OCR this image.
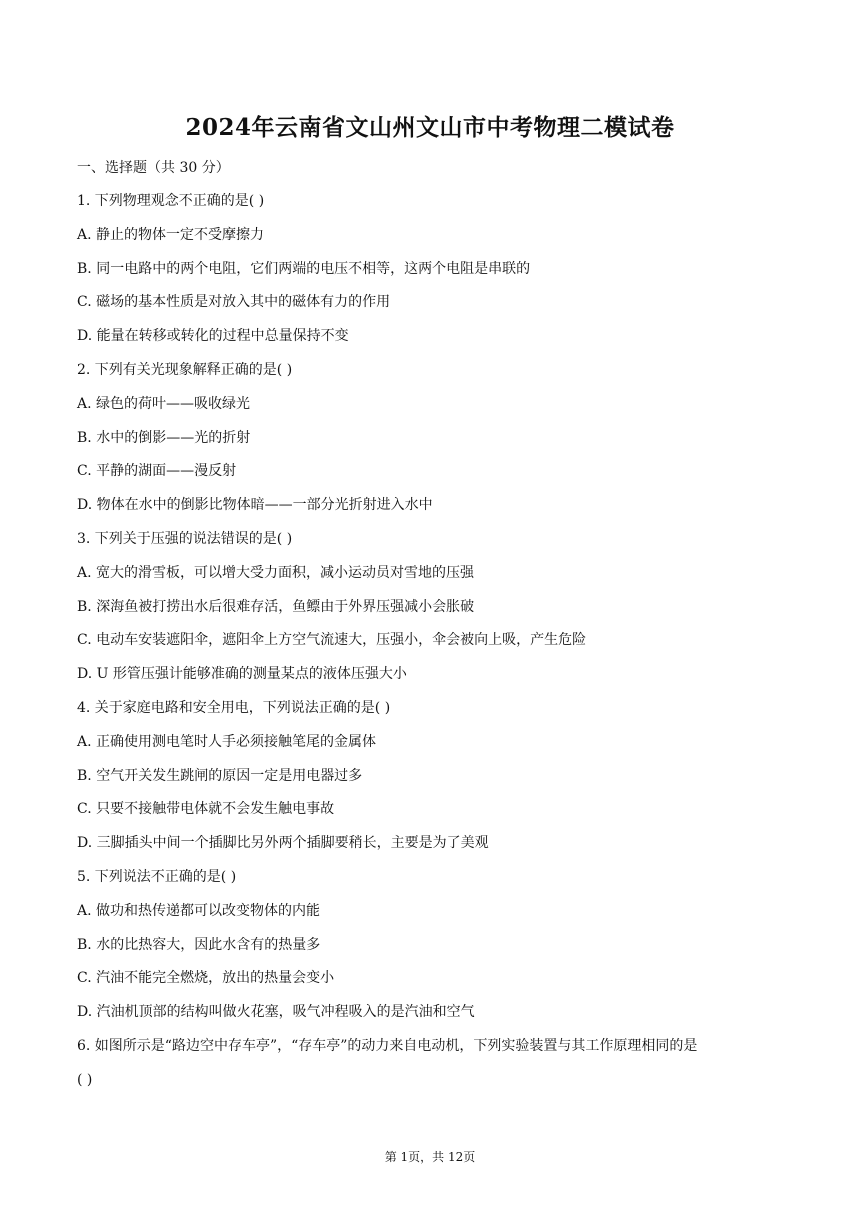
2024年云南省文山州文山市中考物理二模试卷
一、选择题（共 30 分）
1. 下列物理观念不正确的是( )
A. 静止的物体一定不受摩擦力
B. 同一电路中的两个电阻，它们两端的电压不相等，这两个电阻是串联的
C. 磁场的基本性质是对放入其中的磁体有力的作用
D. 能量在转移或转化的过程中总量保持不变
2. 下列有关光现象解释正确的是( )
A. 绿色的荷叶——吸收绿光
B. 水中的倒影——光的折射
C. 平静的湖面——漫反射
D. 物体在水中的倒影比物体暗——一部分光折射进入水中
3. 下列关于压强的说法错误的是( )
A. 宽大的滑雪板，可以增大受力面积，减小运动员对雪地的压强
B. 深海鱼被打捞出水后很难存活，鱼鳔由于外界压强减小会胀破
C. 电动车安装遮阳伞，遮阳伞上方空气流速大，压强小，伞会被向上吸，产生危险
D. U 形管压强计能够准确的测量某点的液体压强大小
4. 关于家庭电路和安全用电，下列说法正确的是( )
A. 正确使用测电笔时人手必须接触笔尾的金属体
B. 空气开关发生跳闸的原因一定是用电器过多
C. 只要不接触带电体就不会发生触电事故
D. 三脚插头中间一个插脚比另外两个插脚要稍长，主要是为了美观
5. 下列说法不正确的是( )
A. 做功和热传递都可以改变物体的内能
B. 水的比热容大，因此水含有的热量多
C. 汽油不能完全燃烧，放出的热量会变小
D. 汽油机顶部的结构叫做火花塞，吸气冲程吸入的是汽油和空气
6. 如图所示是“路边空中存车亭”，“存车亭”的动力来自电动机，下列实验装置与其工作原理相同的是
( )
第 1页，共 12页
